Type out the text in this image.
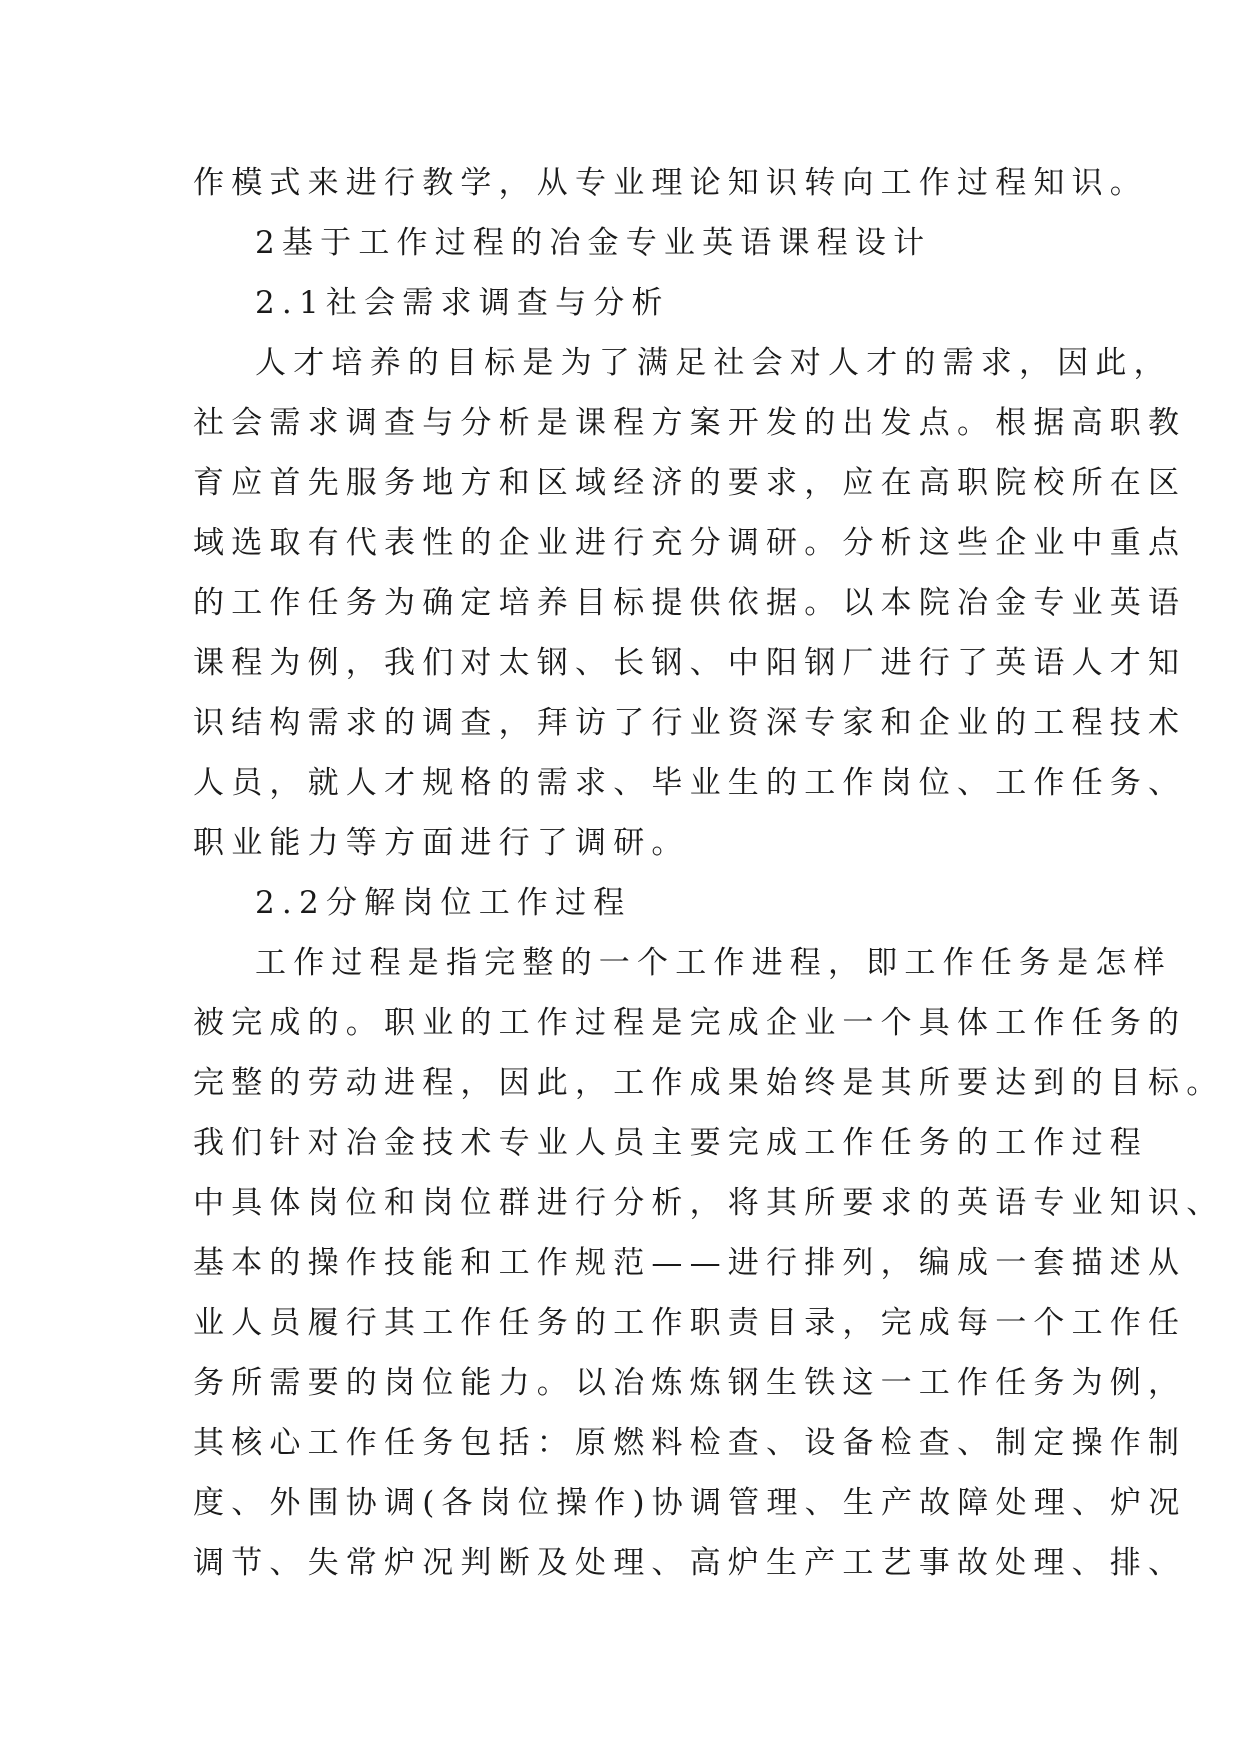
作模式来进行教学，从专业理论知识转向工作过程知识。
2基于工作过程的冶金专业英语课程设计
2.1社会需求调查与分析
人才培养的目标是为了满足社会对人才的需求，因此，
社会需求调查与分析是课程方案开发的出发点。根据高职教
育应首先服务地方和区域经济的要求，应在高职院校所在区
域选取有代表性的企业进行充分调研。分析这些企业中重点
的工作任务为确定培养目标提供依据。以本院冶金专业英语
课程为例，我们对太钢、长钢、中阳钢厂进行了英语人才知
识结构需求的调查，拜访了行业资深专家和企业的工程技术
人员，就人才规格的需求、毕业生的工作岗位、工作任务、
职业能力等方面进行了调研。
2.2分解岗位工作过程
工作过程是指完整的一个工作进程，即工作任务是怎样
被完成的。职业的工作过程是完成企业一个具体工作任务的
完整的劳动进程，因此，工作成果始终是其所要达到的目标。
我们针对冶金技术专业人员主要完成工作任务的工作过程
中具体岗位和岗位群进行分析，将其所要求的英语专业知识、
基本的操作技能和工作规范——进行排列，编成一套描述从
业人员履行其工作任务的工作职责目录，完成每一个工作任
务所需要的岗位能力。以冶炼炼钢生铁这一工作任务为例，
其核心工作任务包括：原燃料检查、设备检查、制定操作制
度、外围协调(各岗位操作)协调管理、生产故障处理、炉况
调节、失常炉况判断及处理、高炉生产工艺事故处理、排、
